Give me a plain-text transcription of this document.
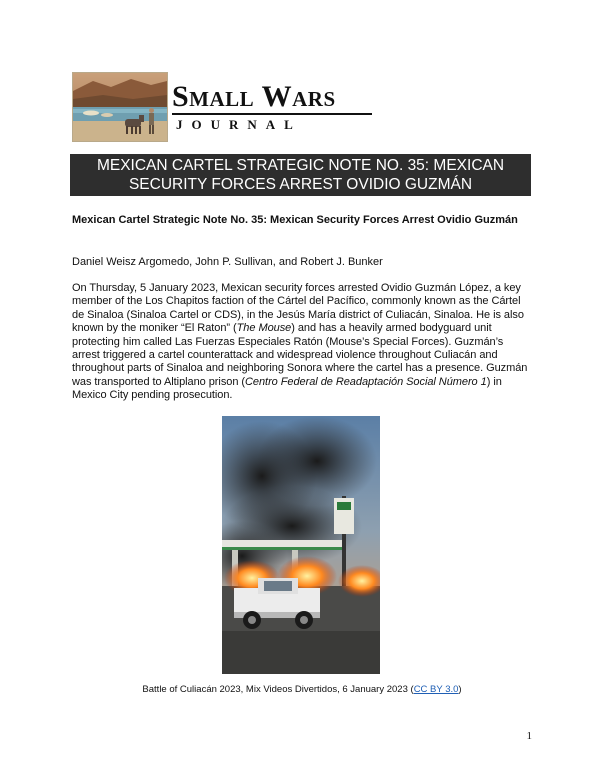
Small Wars
JOURNAL
MEXICAN CARTEL STRATEGIC NOTE NO. 35: MEXICAN
SECURITY FORCES ARREST OVIDIO GUZMÁN
Mexican Cartel Strategic Note No. 35: Mexican Security Forces Arrest Ovidio Guzmán
Daniel Weisz Argomedo, John P. Sullivan, and Robert J. Bunker
On Thursday, 5 January 2023, Mexican security forces arrested Ovidio Guzmán López, a key member of the Los Chapitos faction of the Cártel del Pacífico, commonly known as the Cártel de Sinaloa (Sinaloa Cartel or CDS), in the Jesús María district of Culiacán, Sinaloa. He is also known by the moniker “El Raton” (The Mouse) and has a heavily armed bodyguard unit protecting him called Las Fuerzas Especiales Ratón (Mouse’s Special Forces). Guzmán’s arrest triggered a cartel counterattack and widespread violence throughout Culiacán and throughout parts of Sinaloa and neighboring Sonora where the cartel has a presence. Guzmán was transported to Altiplano prison (Centro Federal de Readaptación Social Número 1) in Mexico City pending prosecution.
Battle of Culiacán 2023, Mix Videos Divertidos, 6 January 2023 (CC BY 3.0)
1
